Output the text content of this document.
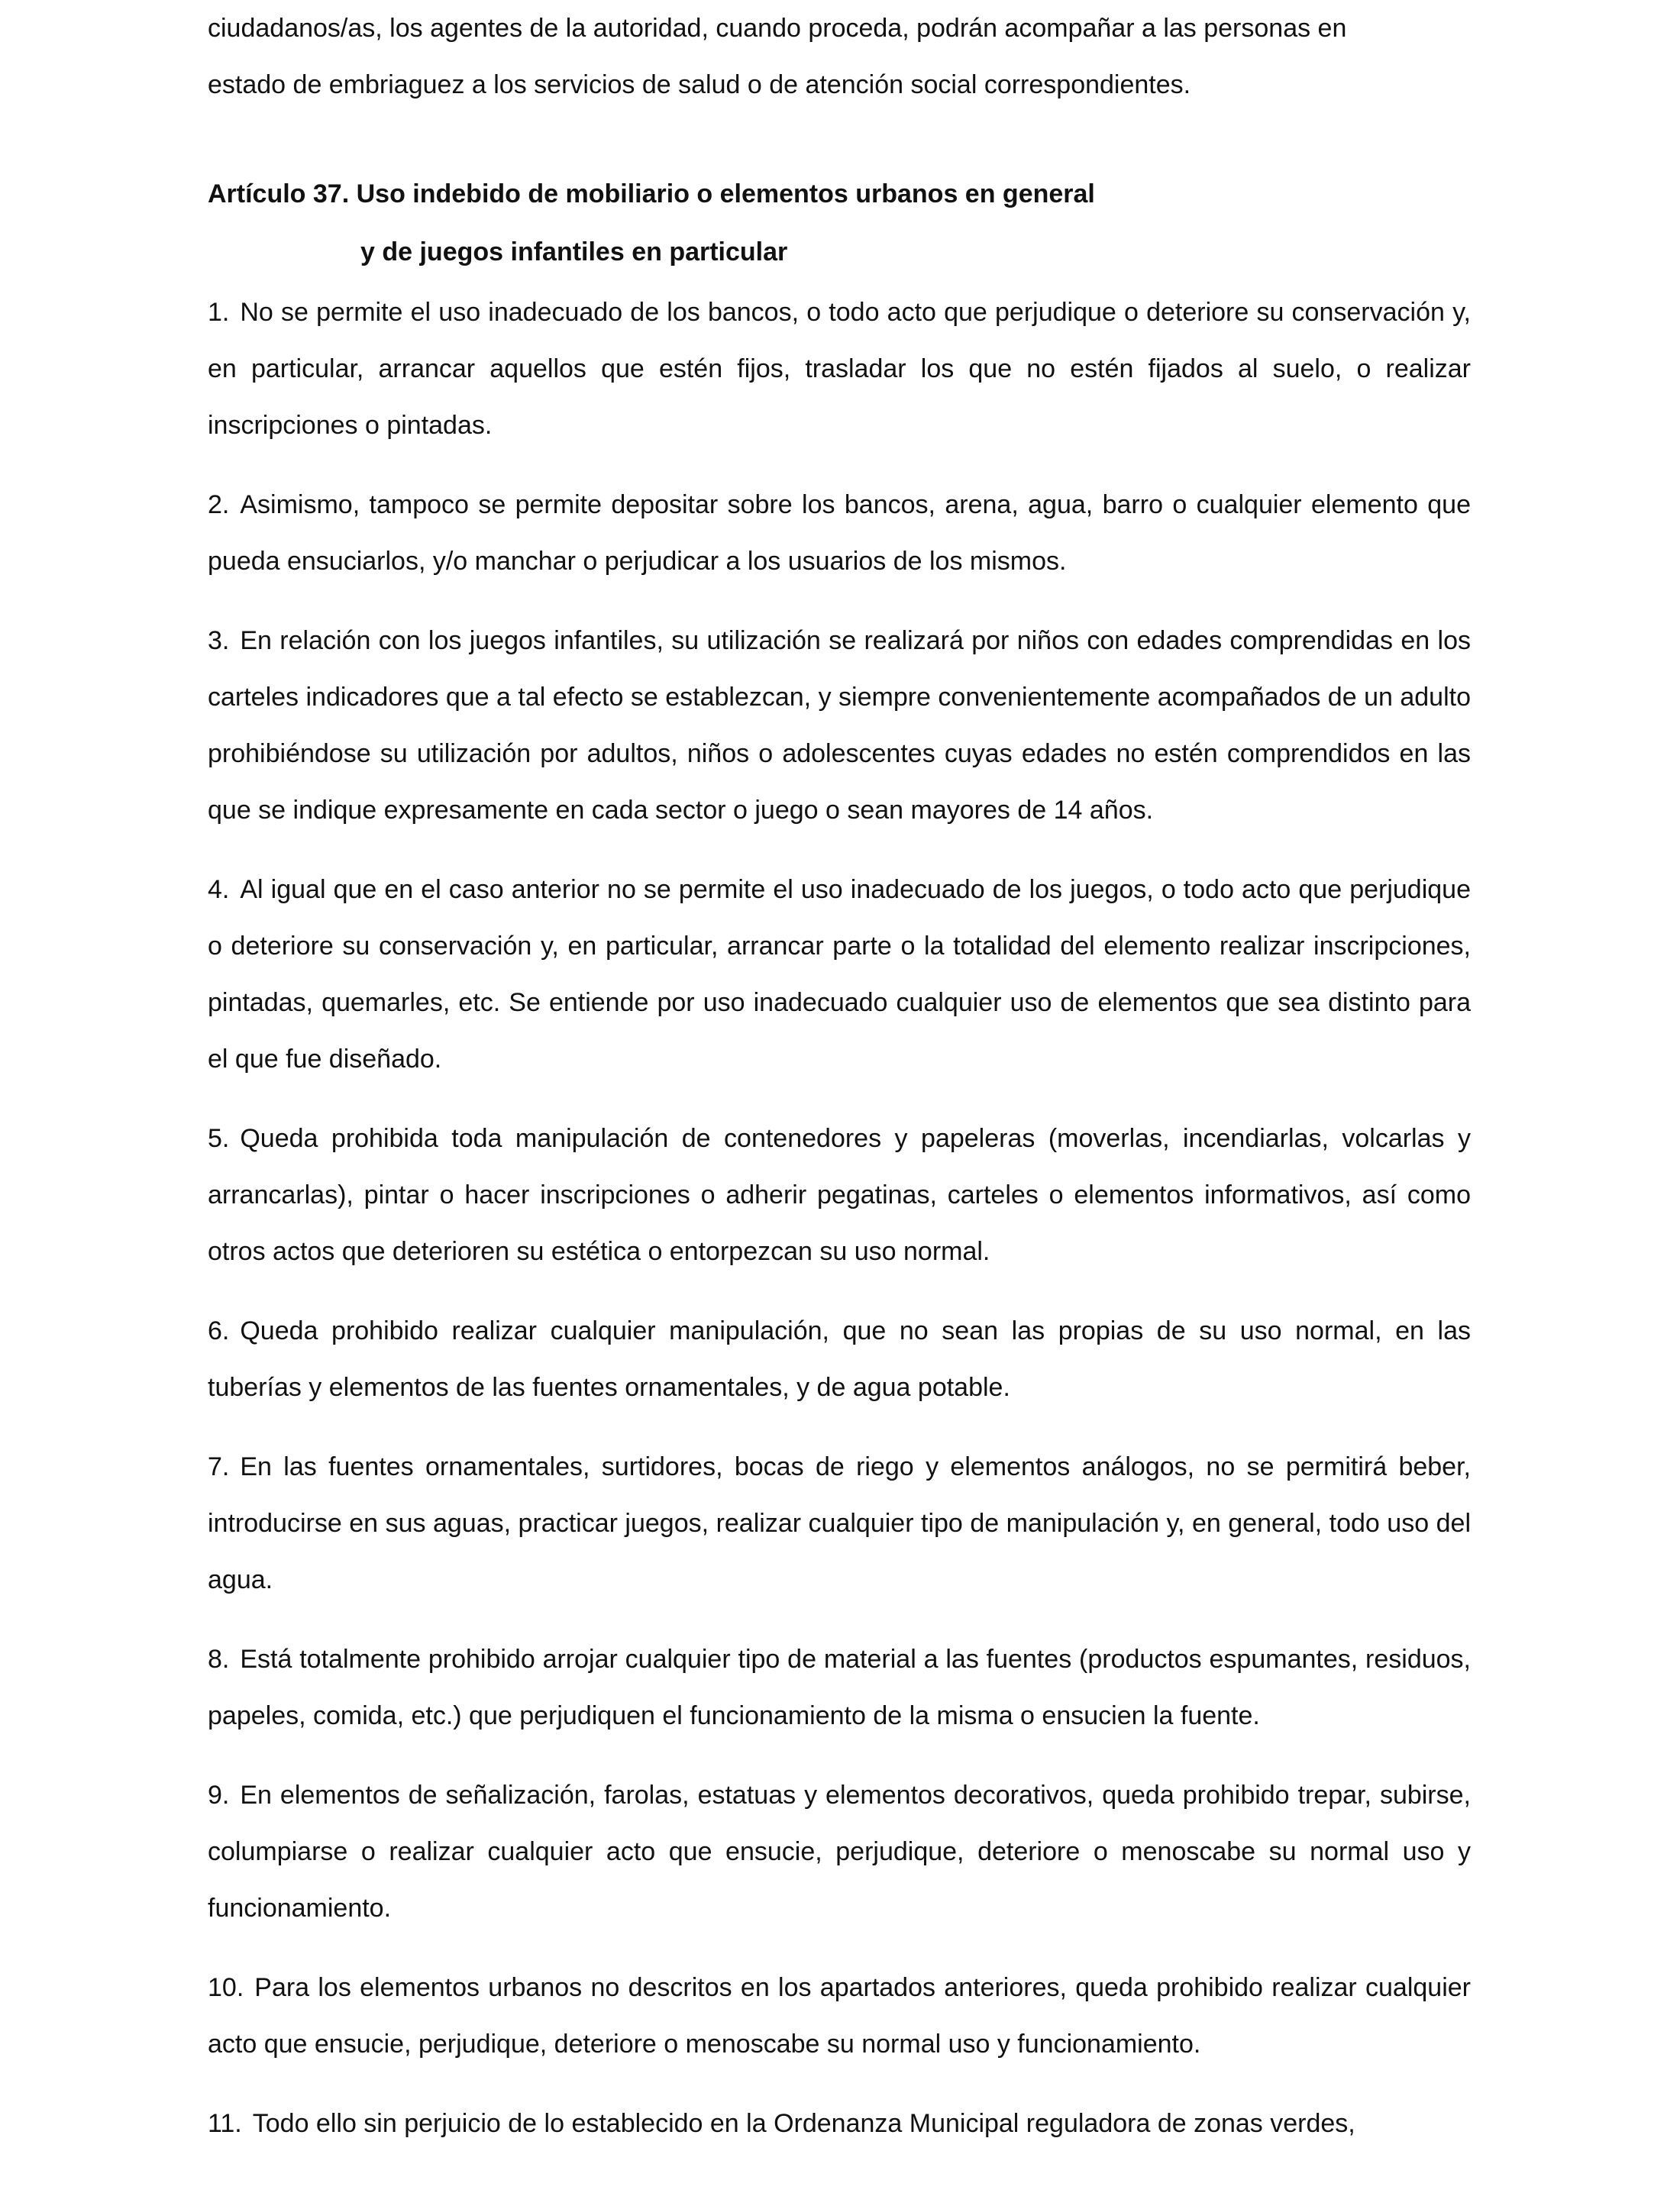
ciudadanos/as, los agentes de la autoridad, cuando proceda, podrán acompañar a las personas en
estado de embriaguez a los servicios de salud o de atención social correspondientes.
Artículo 37. Uso indebido de mobiliario o elementos urbanos en general
y de juegos infantiles en particular

1. No se permite el uso inadecuado de los bancos, o todo acto que perjudique o deteriore su conservación y, en particular, arrancar aquellos que estén fijos, trasladar los que no estén fijados al suelo, o realizar inscripciones o pintadas.

2. Asimismo, tampoco se permite depositar sobre los bancos, arena, agua, barro o cualquier elemento que pueda ensuciarlos, y/o manchar o perjudicar a los usuarios de los mismos.

3. En relación con los juegos infantiles, su utilización se realizará por niños con edades comprendidas en los carteles indicadores que a tal efecto se establezcan, y siempre convenientemente acompañados de un adulto prohibiéndose su utilización por adultos, niños o adolescentes cuyas edades no estén comprendidos en las que se indique expresamente en cada sector o juego o sean mayores de 14 años.

4. Al igual que en el caso anterior no se permite el uso inadecuado de los juegos, o todo acto que perjudique o deteriore su conservación y, en particular, arrancar parte o la totalidad del elemento realizar inscripciones, pintadas, quemarles, etc. Se entiende por uso inadecuado cualquier uso de elementos que sea distinto para el que fue diseñado.

5. Queda prohibida toda manipulación de contenedores y papeleras (moverlas, incendiarlas, volcarlas y arrancarlas), pintar o hacer inscripciones o adherir pegatinas, carteles o elementos informativos, así como otros actos que deterioren su estética o entorpezcan su uso normal.

6. Queda prohibido realizar cualquier manipulación, que no sean las propias de su uso normal, en las tuberías y elementos de las fuentes ornamentales, y de agua potable.

7. En las fuentes ornamentales, surtidores, bocas de riego y elementos análogos, no se permitirá beber, introducirse en sus aguas, practicar juegos, realizar cualquier tipo de manipulación y, en general, todo uso del agua.

8. Está totalmente prohibido arrojar cualquier tipo de material a las fuentes (productos espumantes, residuos, papeles, comida, etc.) que perjudiquen el funcionamiento de la misma o ensucien la fuente.

9. En elementos de señalización, farolas, estatuas y elementos decorativos, queda prohibido trepar, subirse, columpiarse o realizar cualquier acto que ensucie, perjudique, deteriore o menoscabe su normal uso y funcionamiento.

10. Para los elementos urbanos no descritos en los apartados anteriores, queda prohibido realizar cualquier acto que ensucie, perjudique, deteriore o menoscabe su normal uso y funcionamiento.

11. Todo ello sin perjuicio de lo establecido en la Ordenanza Municipal reguladora de zonas verdes,
